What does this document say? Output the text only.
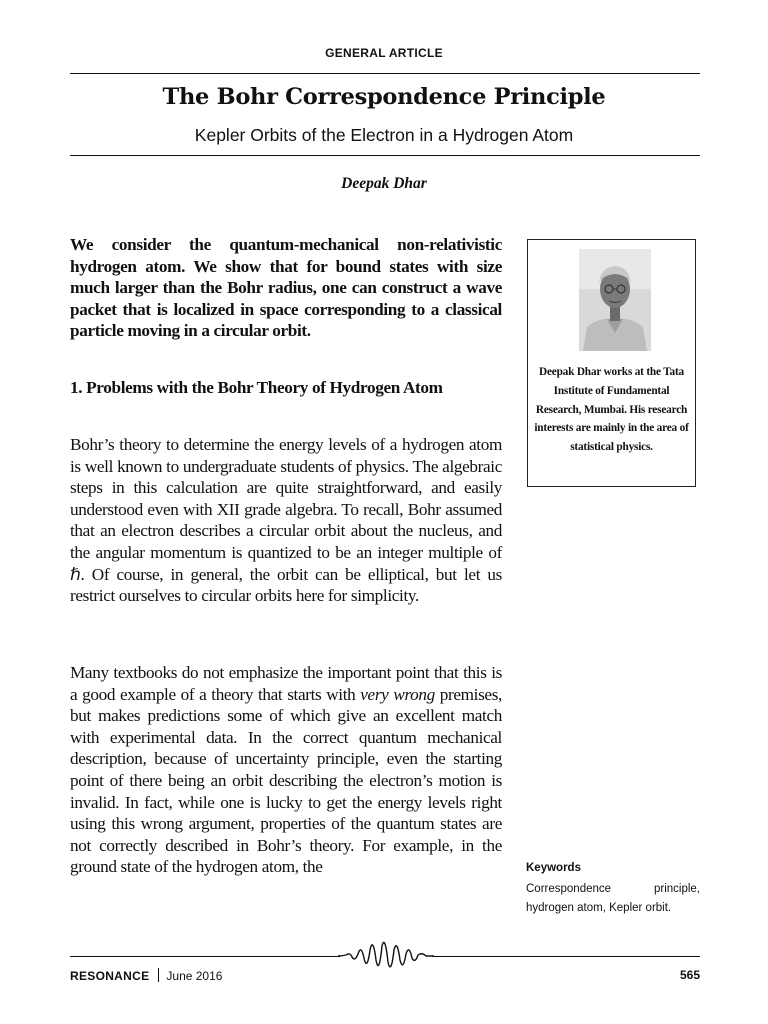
GENERAL ARTICLE
The Bohr Correspondence Principle
Kepler Orbits of the Electron in a Hydrogen Atom
Deepak Dhar

We consider the quantum-mechanical non-relativistic hydrogen atom. We show that for bound states with size much larger than the Bohr radius, one can construct a wave packet that is localized in space corresponding to a classical particle moving in a circular orbit.

1. Problems with the Bohr Theory of Hydrogen Atom

Bohr’s theory to determine the energy levels of a hydrogen atom is well known to undergraduate students of physics. The algebraic steps in this calculation are quite straightforward, and easily understood even with XII grade algebra. To recall, Bohr assumed that an electron describes a circular orbit about the nucleus, and the angular momentum is quantized to be an integer multiple of ℏ. Of course, in general, the orbit can be elliptical, but let us restrict ourselves to circular orbits here for simplicity.

Many textbooks do not emphasize the important point that this is a good example of a theory that starts with very wrong premises, but makes predictions some of which give an excellent match with experimental data. In the correct quantum mechanical description, because of uncertainty principle, even the starting point of there being an orbit describing the electron’s motion is invalid. In fact, while one is lucky to get the energy levels right using this wrong argument, properties of the quantum states are not correctly described in Bohr’s theory. For example, in the ground state of the hydrogen atom, the

Deepak Dhar works at the Tata Institute of Fundamental Research, Mumbai. His research interests are mainly in the area of statistical physics.
Keywords
Correspondence principle, hydrogen atom, Kepler orbit.
RESONANCE June 2016	565
